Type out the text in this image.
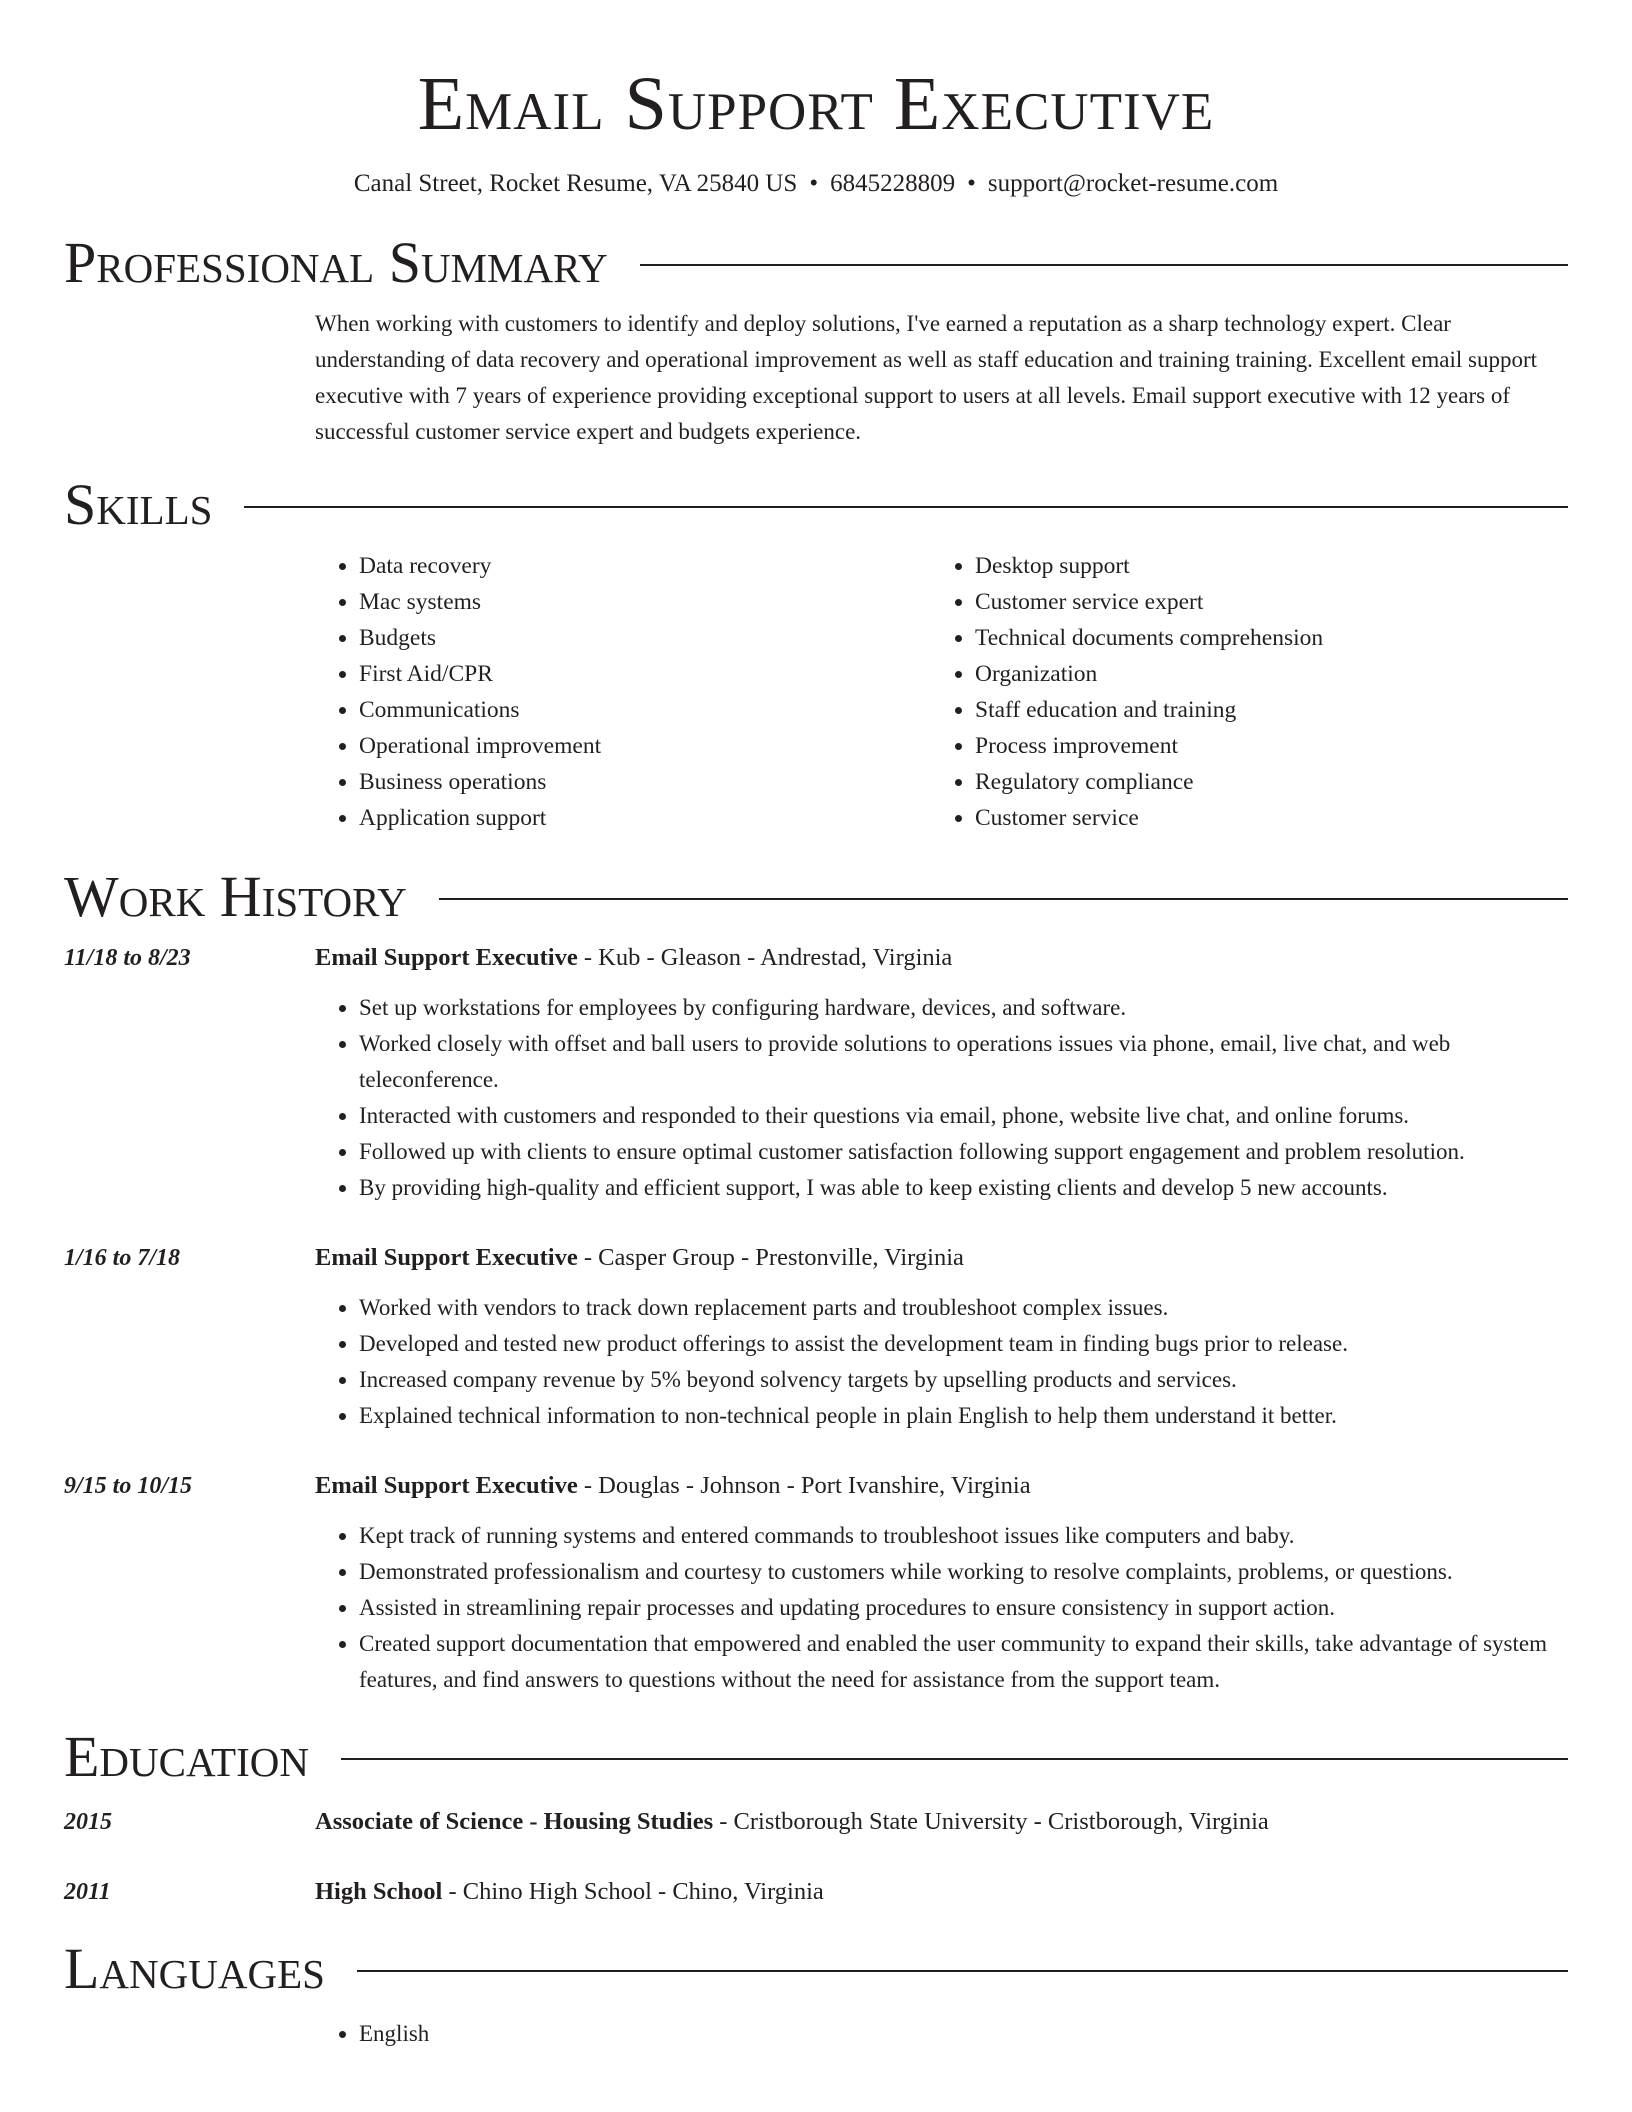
Email Support Executive
Canal Street, Rocket Resume, VA 25840 US • 6845228809 • support@rocket-resume.com
Professional Summary

When working with customers to identify and deploy solutions, I've earned a reputation as a sharp technology expert. Clear understanding of data recovery and operational improvement as well as staff education and training training. Excellent email support executive with 7 years of experience providing exceptional support to users at all levels. Email support executive with 12 years of successful customer service expert and budgets experience.

Skills
• Data recovery
• Mac systems
• Budgets
• First Aid/CPR
• Communications
• Operational improvement
• Business operations
• Application support
• Desktop support
• Customer service expert
• Technical documents comprehension
• Organization
• Staff education and training
• Process improvement
• Regulatory compliance
• Customer service
Work History
11/18 to 8/23	Email Support Executive - Kub - Gleason - Andrestad, Virginia
• Set up workstations for employees by configuring hardware, devices, and software.
• Worked closely with offset and ball users to provide solutions to operations issues via phone, email, live chat, and web teleconference.
• Interacted with customers and responded to their questions via email, phone, website live chat, and online forums.
• Followed up with clients to ensure optimal customer satisfaction following support engagement and problem resolution.
• By providing high-quality and efficient support, I was able to keep existing clients and develop 5 new accounts.
1/16 to 7/18	Email Support Executive - Casper Group - Prestonville, Virginia
• Worked with vendors to track down replacement parts and troubleshoot complex issues.
• Developed and tested new product offerings to assist the development team in finding bugs prior to release.
• Increased company revenue by 5% beyond solvency targets by upselling products and services.
• Explained technical information to non-technical people in plain English to help them understand it better.
9/15 to 10/15	Email Support Executive - Douglas - Johnson - Port Ivanshire, Virginia
• Kept track of running systems and entered commands to troubleshoot issues like computers and baby.
• Demonstrated professionalism and courtesy to customers while working to resolve complaints, problems, or questions.
• Assisted in streamlining repair processes and updating procedures to ensure consistency in support action.
• Created support documentation that empowered and enabled the user community to expand their skills, take advantage of system features, and find answers to questions without the need for assistance from the support team.
Education
2015	Associate of Science - Housing Studies - Cristborough State University - Cristborough, Virginia
2011	High School - Chino High School - Chino, Virginia
Languages
• English
